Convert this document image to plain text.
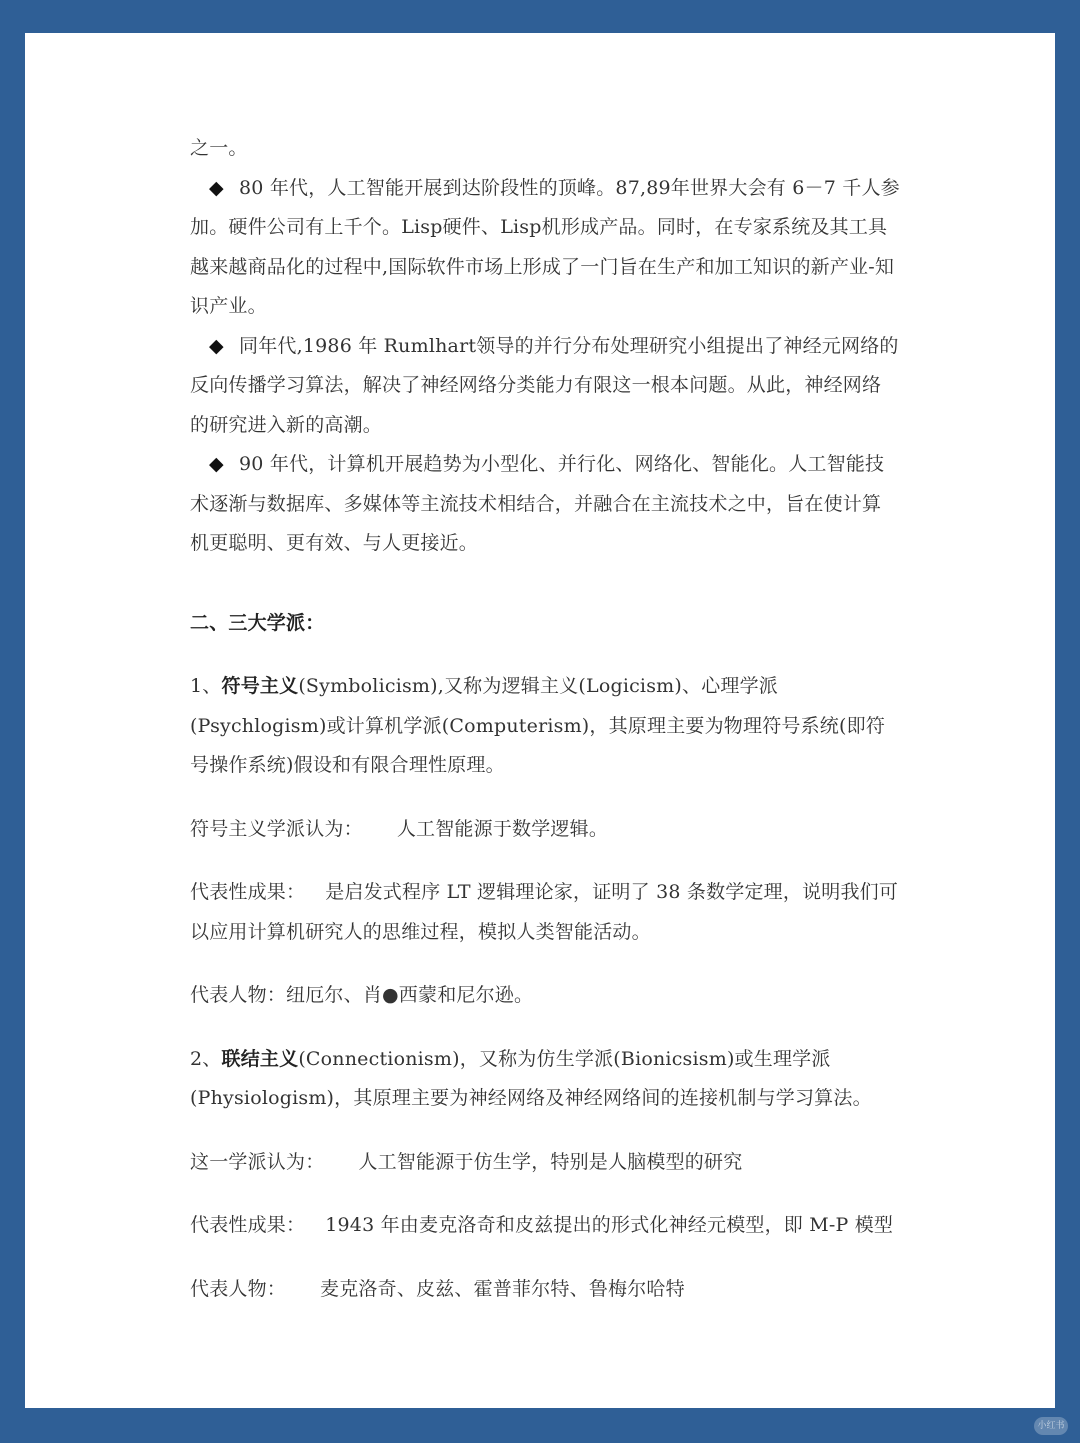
之一。

◆ 80 年代，人工智能开展到达阶段性的顶峰。87,89年世界大会有 6－7 千人参加。硬件公司有上千个。Lisp硬件、Lisp机形成产品。同时，在专家系统及其工具越来越商品化的过程中,国际软件市场上形成了一门旨在生产和加工知识的新产业-知识产业。

◆ 同年代,1986 年 Rumlhart领导的并行分布处理研究小组提出了神经元网络的反向传播学习算法，解决了神经网络分类能力有限这一根本问题。从此，神经网络的研究进入新的高潮。

◆ 90 年代，计算机开展趋势为小型化、并行化、网络化、智能化。人工智能技术逐渐与数据库、多媒体等主流技术相结合，并融合在主流技术之中，旨在使计算机更聪明、更有效、与人更接近。

二、三大学派：

1、符号主义(Symbolicism),又称为逻辑主义(Logicism)、心理学派(Psychlogism)或计算机学派(Computerism)，其原理主要为物理符号系统(即符号操作系统)假设和有限合理性原理。

符号主义学派认为： 人工智能源于数学逻辑。

代表性成果： 是启发式程序 LT 逻辑理论家，证明了 38 条数学定理，说明我们可以应用计算机研究人的思维过程，模拟人类智能活动。

代表人物：纽厄尔、肖●西蒙和尼尔逊。

2、联结主义(Connectionism)，又称为仿生学派(Bionicsism)或生理学派(Physiologism)，其原理主要为神经网络及神经网络间的连接机制与学习算法。

这一学派认为： 人工智能源于仿生学，特别是人脑模型的研究

代表性成果： 1943 年由麦克洛奇和皮兹提出的形式化神经元模型，即 M-P 模型

代表人物： 麦克洛奇、皮兹、霍普菲尔特、鲁梅尔哈特

小红书
